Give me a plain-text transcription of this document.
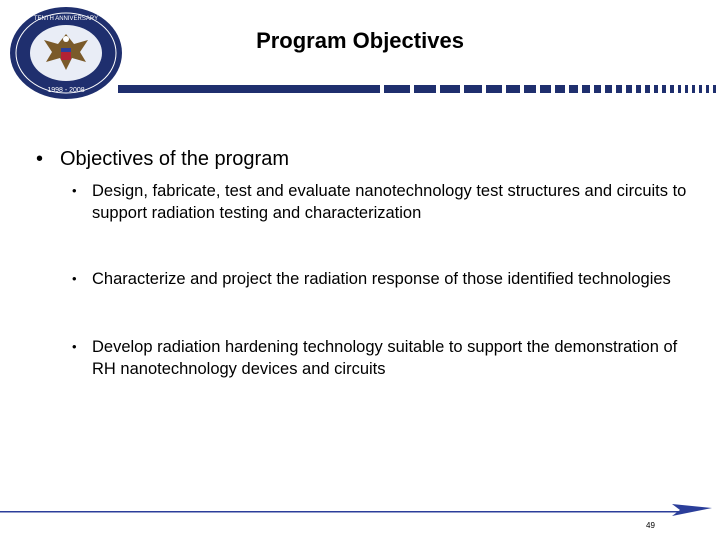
TENTH ANNIVERSARY
1998 - 2008
Program Objectives
• Objectives of the program
• Design, fabricate, test and evaluate nanotechnology test structures and circuits to support radiation testing and characterization
• Characterize and project the radiation response of those identified technologies
• Develop radiation hardening technology suitable to support the demonstration of RH nanotechnology devices and circuits
49
